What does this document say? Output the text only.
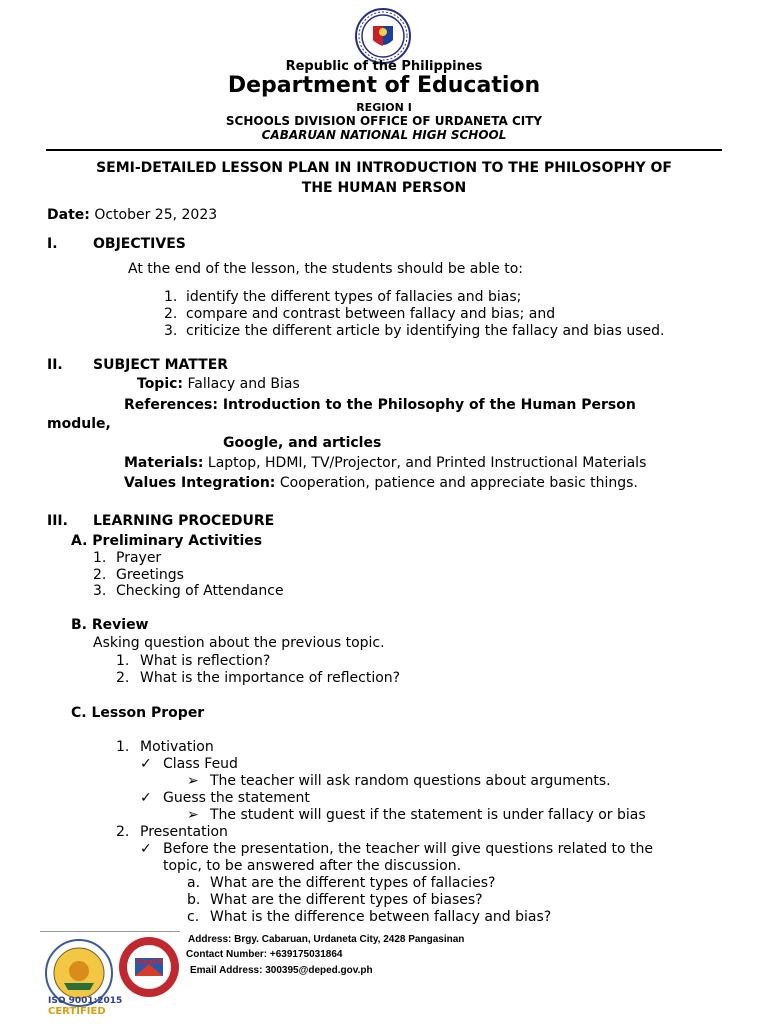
Republic of the Philippines
Department of Education
REGION I
SCHOOLS DIVISION OFFICE OF URDANETA CITY
CABARUAN NATIONAL HIGH SCHOOL
SEMI-DETAILED LESSON PLAN IN INTRODUCTION TO THE PHILOSOPHY OF
THE HUMAN PERSON
Date: October 25, 2023
I.	OBJECTIVES
At the end of the lesson, the students should be able to:
1. identify the different types of fallacies and bias;
2. compare and contrast between fallacy and bias; and
3. criticize the different article by identifying the fallacy and bias used.
II. SUBJECT MATTER
Topic: Fallacy and Bias
References: Introduction to the Philosophy of the Human Person
module,
Google, and articles
Materials: Laptop, HDMI, TV/Projector, and Printed Instructional Materials
Values Integration: Cooperation, patience and appreciate basic things.
III. LEARNING PROCEDURE
A. Preliminary Activities
1. Prayer
2. Greetings
3. Checking of Attendance
B. Review
Asking question about the previous topic.
1. What is reflection?
2. What is the importance of reflection?
C. Lesson Proper
1. Motivation
✓ Class Feud
➢ The teacher will ask random questions about arguments.
✓ Guess the statement
➢ The student will guest if the statement is under fallacy or bias
2. Presentation
✓ Before the presentation, the teacher will give questions related to the
topic, to be answered after the discussion.
a. What are the different types of fallacies?
b. What are the different types of biases?
c. What is the difference between fallacy and bias?
ISO 9001:2015
CERTIFIED
DepED
Address: Brgy. Cabaruan, Urdaneta City, 2428 Pangasinan
Contact Number: +639175031864
Email Address: 300395@deped.gov.ph
